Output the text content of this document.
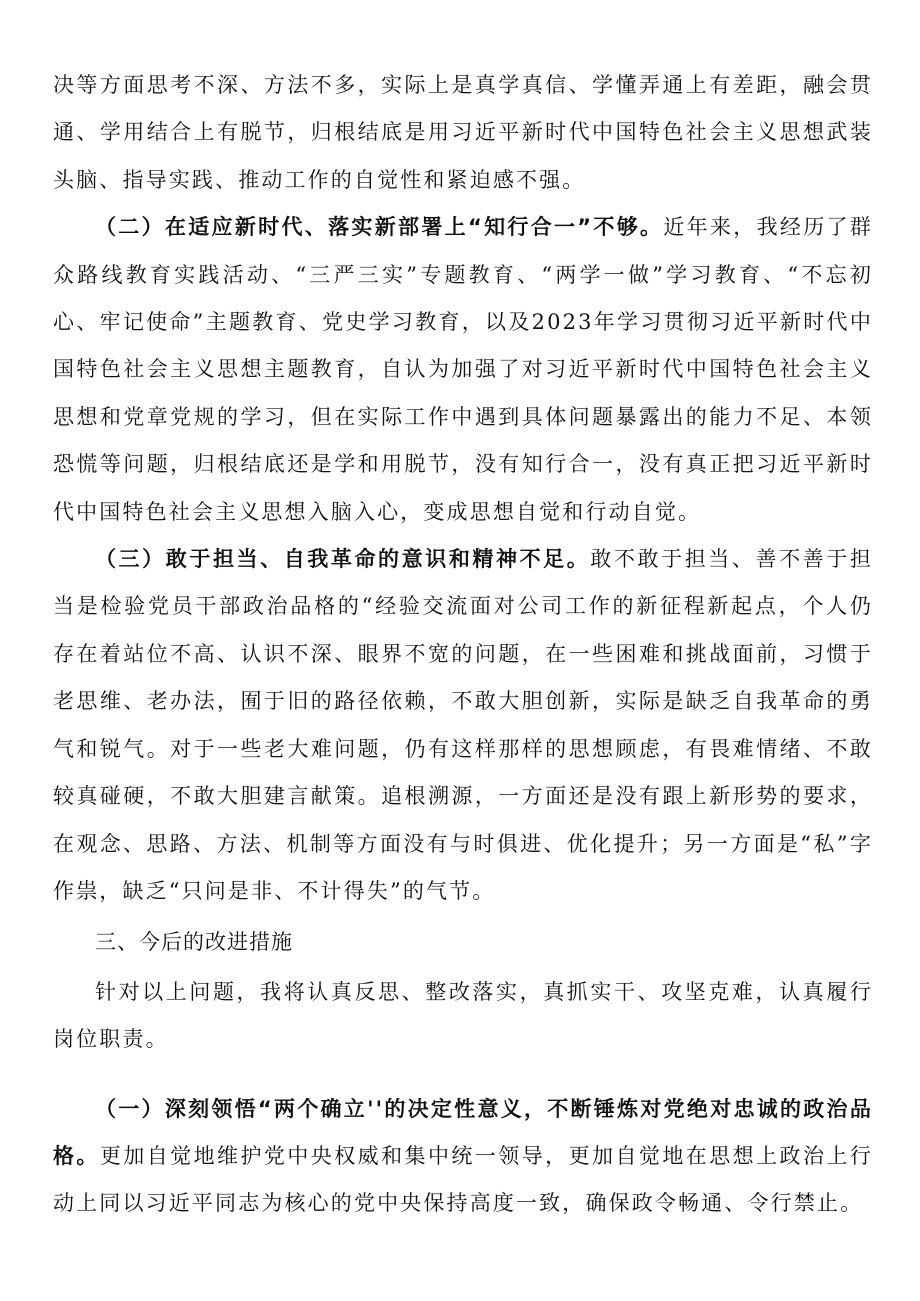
决等方面思考不深、方法不多，实际上是真学真信、学懂弄通上有差距，融会贯通、学用结合上有脱节，归根结底是用习近平新时代中国特色社会主义思想武装头脑、指导实践、推动工作的自觉性和紧迫感不强。

（二）在适应新时代、落实新部署上“知行合一”不够。近年来，我经历了群众路线教育实践活动、“三严三实”专题教育、“两学一做”学习教育、“不忘初心、牢记使命”主题教育、党史学习教育，以及2023年学习贯彻习近平新时代中国特色社会主义思想主题教育，自认为加强了对习近平新时代中国特色社会主义思想和党章党规的学习，但在实际工作中遇到具体问题暴露出的能力不足、本领恐慌等问题，归根结底还是学和用脱节，没有知行合一，没有真正把习近平新时代中国特色社会主义思想入脑入心，变成思想自觉和行动自觉。

（三）敢于担当、自我革命的意识和精神不足。敢不敢于担当、善不善于担当是检验党员干部政治品格的“经验交流面对公司工作的新征程新起点，个人仍存在着站位不高、认识不深、眼界不宽的问题，在一些困难和挑战面前，习惯于老思维、老办法，囿于旧的路径依赖，不敢大胆创新，实际是缺乏自我革命的勇气和锐气。对于一些老大难问题，仍有这样那样的思想顾虑，有畏难情绪、不敢较真碰硬，不敢大胆建言献策。追根溯源，一方面还是没有跟上新形势的要求，在观念、思路、方法、机制等方面没有与时俱进、优化提升；另一方面是“私”字作祟，缺乏“只问是非、不计得失”的气节。

三、今后的改进措施

针对以上问题，我将认真反思、整改落实，真抓实干、攻坚克难，认真履行岗位职责。

（一）深刻领悟“两个确立''的决定性意义，不断锤炼对党绝对忠诚的政治品格。更加自觉地维护党中央权威和集中统一领导，更加自觉地在思想上政治上行动上同以习近平同志为核心的党中央保持高度一致，确保政令畅通、令行禁止。
